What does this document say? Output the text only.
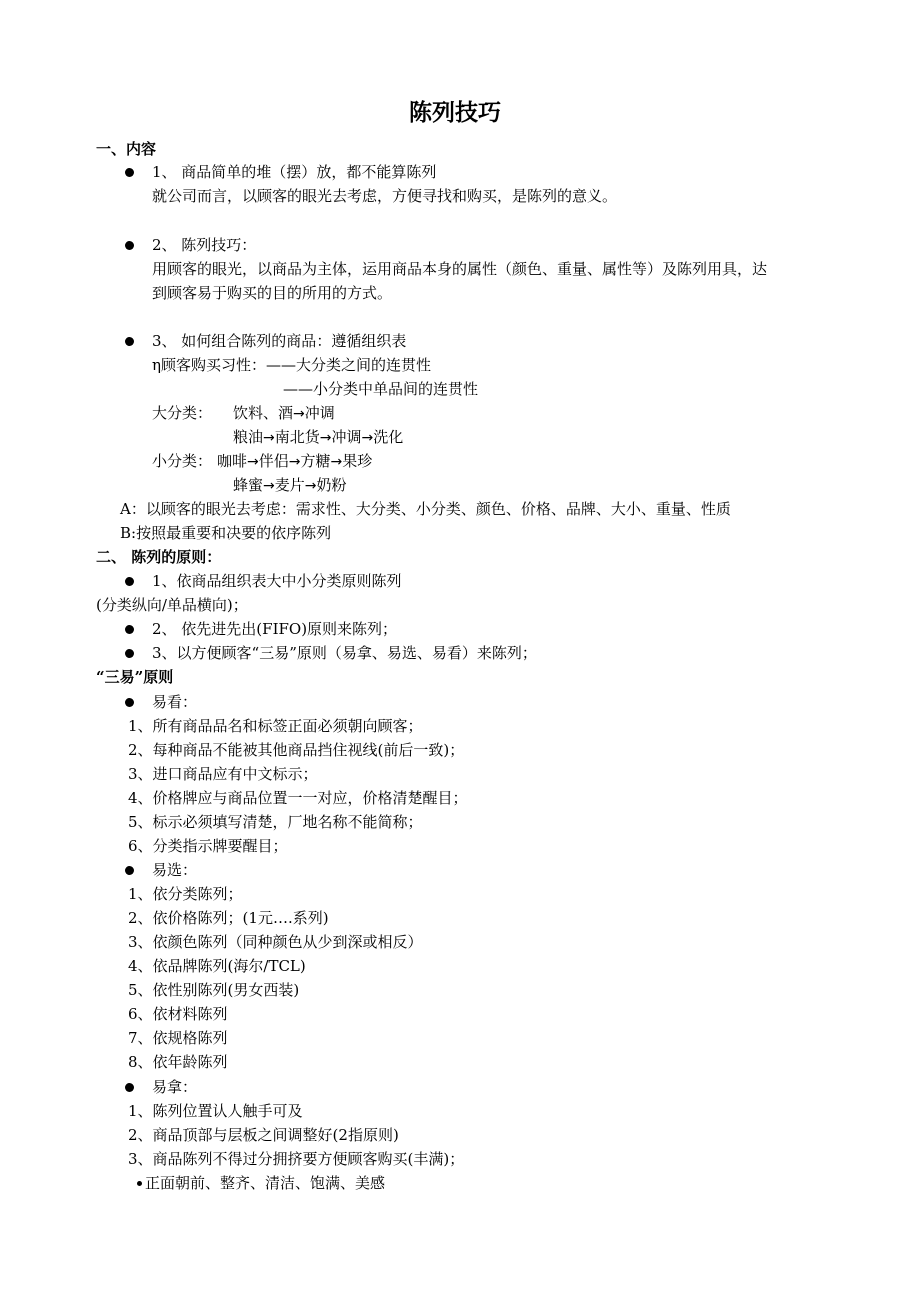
陈列技巧
一、内容
1、 商品简单的堆（摆）放，都不能算陈列
就公司而言，以顾客的眼光去考虑，方便寻找和购买，是陈列的意义。
2、 陈列技巧：
用顾客的眼光，以商品为主体，运用商品本身的属性（颜色、重量、属性等）及陈列用具，达
到顾客易于购买的目的所用的方式。
3、 如何组合陈列的商品：遵循组织表
η顾客购买习性：——大分类之间的连贯性
——小分类中单品间的连贯性
大分类： 饮料、酒→冲调
粮油→南北货→冲调→洗化
小分类： 咖啡→伴侣→方糖→果珍
蜂蜜→麦片→奶粉
A：以顾客的眼光去考虑：需求性、大分类、小分类、颜色、价格、品牌、大小、重量、性质
B:按照最重要和决要的依序陈列
二、 陈列的原则：
1、依商品组织表大中小分类原则陈列
(分类纵向/单品横向)；
2、 依先进先出(FIFO)原则来陈列；
3、以方便顾客“三易”原则（易拿、易选、易看）来陈列；
“三易”原则
易看：
1、所有商品品名和标签正面必须朝向顾客；
2、每种商品不能被其他商品挡住视线(前后一致)；
3、进口商品应有中文标示；
4、价格牌应与商品位置一一对应，价格清楚醒目；
5、标示必须填写清楚，厂地名称不能简称；
6、分类指示牌要醒目；
易选：
1、依分类陈列；
2、依价格陈列；(1元….系列)
3、依颜色陈列（同种颜色从少到深或相反）
4、依品牌陈列(海尔/TCL)
5、依性别陈列(男女西装)
6、依材料陈列
7、依规格陈列
8、依年龄陈列
易拿：
1、陈列位置认人触手可及
2、商品顶部与层板之间调整好(2指原则)
3、商品陈列不得过分拥挤要方便顾客购买(丰满)；
正面朝前、整齐、清洁、饱满、美感
